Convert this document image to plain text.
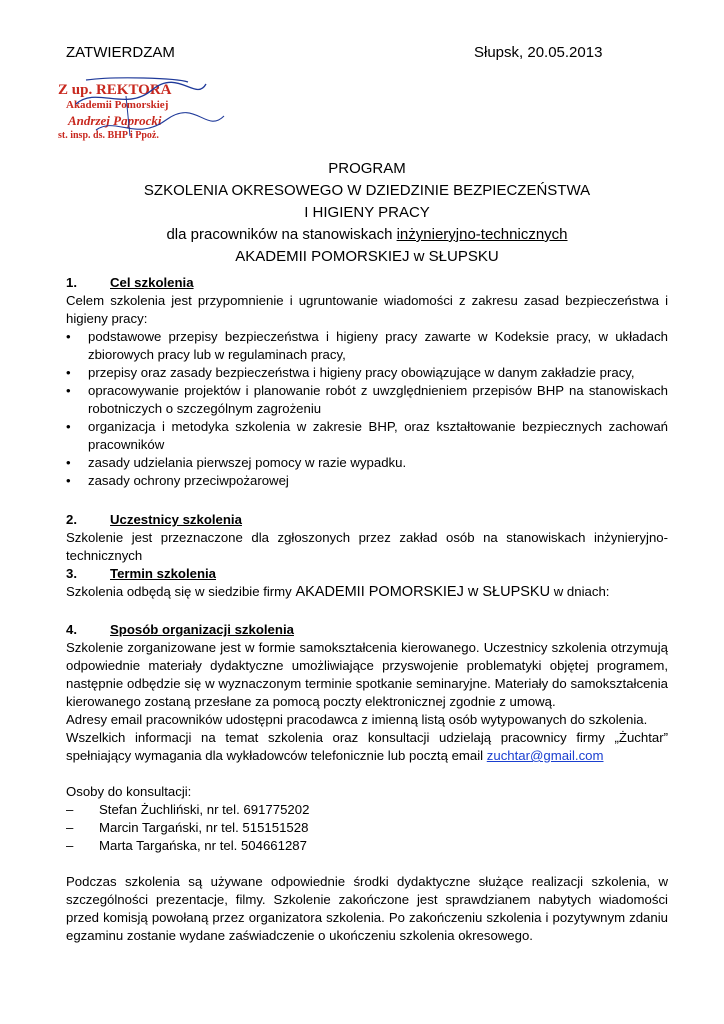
ZATWIERDZAM	Słupsk, 20.05.2013
Z up. REKTORA
Akademii Pomorskiej
Andrzej Paprocki
st. insp. ds. BHP i Ppoż.
PROGRAM
SZKOLENIA OKRESOWEGO W DZIEDZINIE BEZPIECZEŃSTWA
I HIGIENY PRACY
dla pracowników na stanowiskach inżynieryjno-technicznych
AKADEMII POMORSKIEJ w SŁUPSKU
1.	Cel szkolenia
Celem szkolenia jest przypomnienie i ugruntowanie wiadomości z zakresu zasad bezpieczeństwa i higieny pracy:
• podstawowe przepisy bezpieczeństwa i higieny pracy zawarte w Kodeksie pracy, w układach zbiorowych pracy lub w regulaminach pracy,
• przepisy oraz zasady bezpieczeństwa i higieny pracy obowiązujące w danym zakładzie pracy,
• opracowywanie projektów i planowanie robót z uwzględnieniem przepisów BHP na stanowiskach robotniczych o szczególnym zagrożeniu
• organizacja i metodyka szkolenia w zakresie BHP, oraz kształtowanie bezpiecznych zachowań pracowników
• zasady udzielania pierwszej pomocy w razie wypadku.
• zasady ochrony przeciwpożarowej
2.	Uczestnicy szkolenia
Szkolenie jest przeznaczone dla zgłoszonych przez zakład osób na stanowiskach inżynieryjno-technicznych
3.	Termin szkolenia
Szkolenia odbędą się w siedzibie firmy AKADEMII POMORSKIEJ w SŁUPSKU w dniach:
4.	Sposób organizacji szkolenia
Szkolenie zorganizowane jest w formie samokształcenia kierowanego. Uczestnicy szkolenia otrzymują odpowiednie materiały dydaktyczne umożliwiające przyswojenie problematyki objętej programem, następnie odbędzie się w wyznaczonym terminie spotkanie seminaryjne. Materiały do samokształcenia kierowanego zostaną przesłane za pomocą poczty elektronicznej zgodnie z umową.
Adresy email pracowników udostępni pracodawca z imienną listą osób wytypowanych do szkolenia.
Wszelkich informacji na temat szkolenia oraz konsultacji udzielają pracownicy firmy „Żuchtar” spełniający wymagania dla wykładowców telefonicznie lub pocztą email zuchtar@gmail.com
Osoby do konsultacji:
– Stefan Żuchliński, nr tel. 691775202
– Marcin Targański, nr tel. 515151528
– Marta Targańska, nr tel. 504661287
Podczas szkolenia są używane odpowiednie środki dydaktyczne służące realizacji szkolenia, w szczególności prezentacje, filmy. Szkolenie zakończone jest sprawdzianem nabytych wiadomości przed komisją powołaną przez organizatora szkolenia. Po zakończeniu szkolenia i pozytywnym zdaniu egzaminu zostanie wydane zaświadczenie o ukończeniu szkolenia okresowego.
